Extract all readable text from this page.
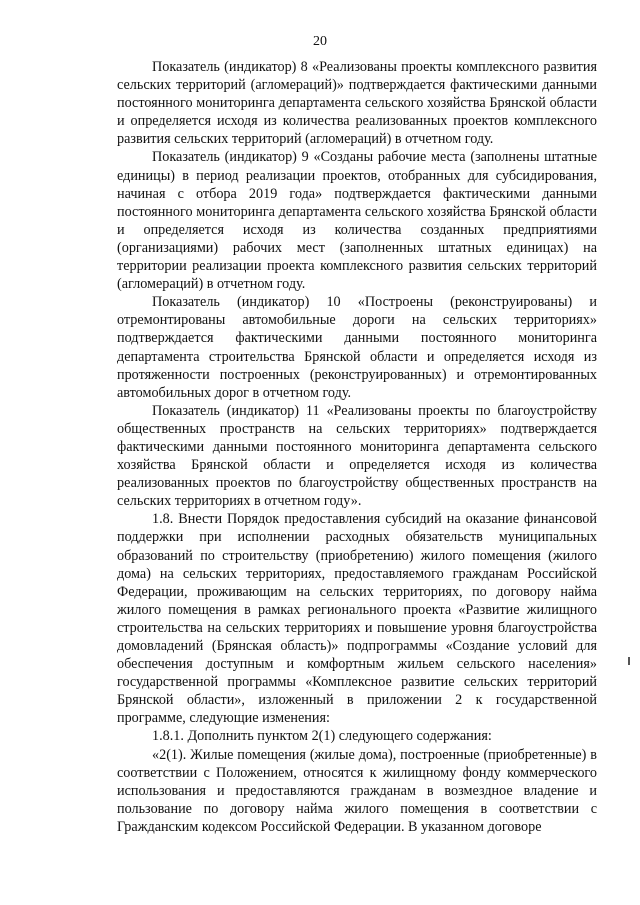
20

Показатель (индикатор) 8 «Реализованы проекты комплексного развития сельских территорий (агломераций)» подтверждается фактическими данными постоянного мониторинга департамента сельского хозяйства Брянской области и определяется исходя из количества реализованных проектов комплексного развития сельских территорий (агломераций) в отчетном году.

Показатель (индикатор) 9 «Созданы рабочие места (заполнены штатные единицы) в период реализации проектов, отобранных для субсидирования, начиная с отбора 2019 года» подтверждается фактическими данными постоянного мониторинга департамента сельского хозяйства Брянской области и определяется исходя из количества созданных предприятиями (организациями) рабочих мест (заполненных штатных единицах) на территории реализации проекта комплексного развития сельских территорий (агломераций) в отчетном году.

Показатель (индикатор) 10 «Построены (реконструированы) и отремонтированы автомобильные дороги на сельских территориях» подтверждается фактическими данными постоянного мониторинга департамента строительства Брянской области и определяется исходя из протяженности построенных (реконструированных) и отремонтированных автомобильных дорог в отчетном году.

Показатель (индикатор) 11 «Реализованы проекты по благоустройству общественных пространств на сельских территориях» подтверждается фактическими данными постоянного мониторинга департамента сельского хозяйства Брянской области и определяется исходя из количества реализованных проектов по благоустройству общественных пространств на сельских территориях в отчетном году».

1.8. Внести Порядок предоставления субсидий на оказание финансовой поддержки при исполнении расходных обязательств муниципальных образований по строительству (приобретению) жилого помещения (жилого дома) на сельских территориях, предоставляемого гражданам Российской Федерации, проживающим на сельских территориях, по договору найма жилого помещения в рамках регионального проекта «Развитие жилищного строительства на сельских территориях и повышение уровня благоустройства домовладений (Брянская область)» подпрограммы «Создание условий для обеспечения доступным и комфортным жильем сельского населения» государственной программы «Комплексное развитие сельских территорий Брянской области», изложенный в приложении 2 к государственной программе, следующие изменения:

1.8.1. Дополнить пунктом 2(1) следующего содержания:

«2(1). Жилые помещения (жилые дома), построенные (приобретенные) в соответствии с Положением, относятся к жилищному фонду коммерческого использования и предоставляются гражданам в возмездное владение и пользование по договору найма жилого помещения в соответствии с Гражданским кодексом Российской Федерации. В указанном договоре
